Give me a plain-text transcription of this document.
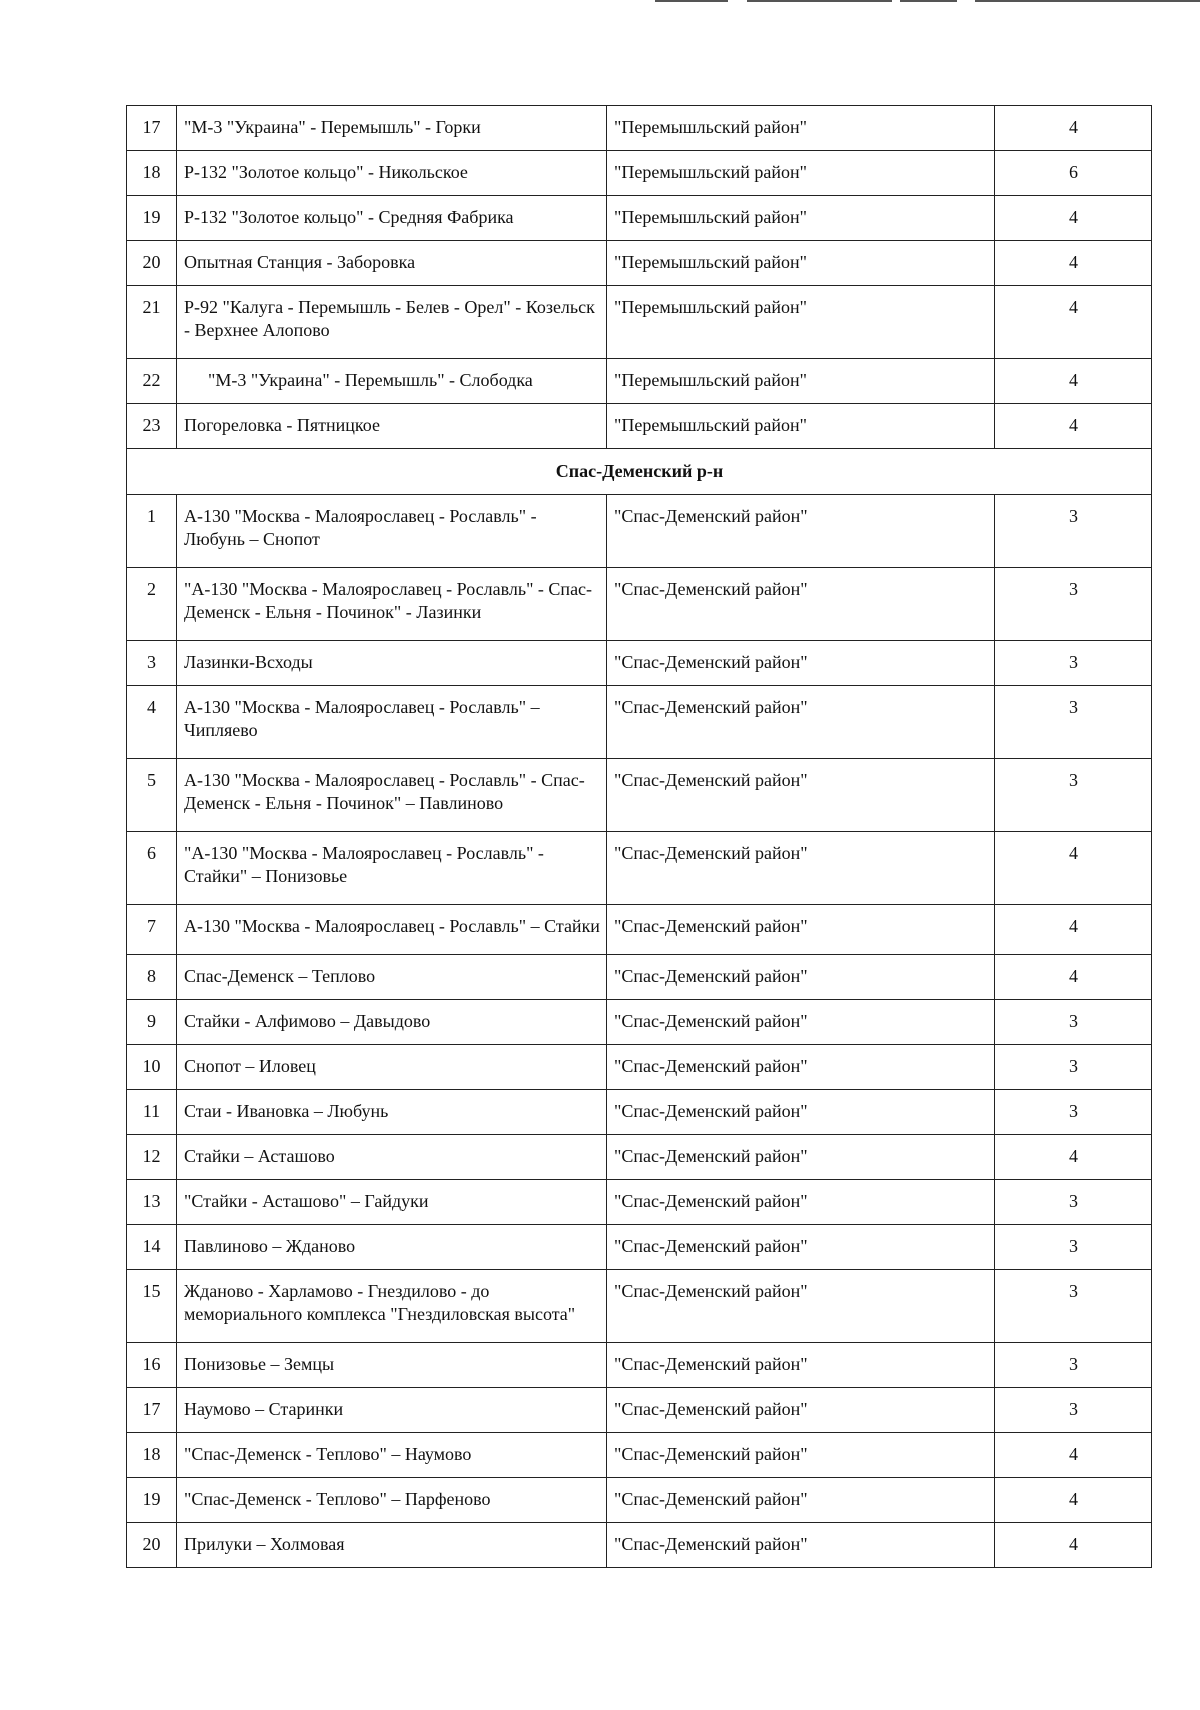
17	"М-3 "Украина" - Перемышль" - Горки	"Перемышльский район"	4
18	Р-132 "Золотое кольцо" - Никольское	"Перемышльский район"	6
19	Р-132 "Золотое кольцо" - Средняя Фабрика	"Перемышльский район"	4
20	Опытная Станция - Заборовка	"Перемышльский район"	4
21	Р-92 "Калуга - Перемышль - Белев - Орел" - Козельск - Верхнее Алопово	"Перемышльский район"	4
22	"М-3 "Украина" - Перемышль" - Слободка	"Перемышльский район"	4
23	Погореловка - Пятницкое	"Перемышльский район"	4
Спас-Деменский р-н			
1	А-130 "Москва - Малоярославец - Рославль" - Любунь – Снопот	"Спас-Деменский район"	3
2	"А-130 "Москва - Малоярославец - Рославль" - Спас-Деменск - Ельня - Починок" - Лазинки	"Спас-Деменский район"	3
3	Лазинки-Всходы	"Спас-Деменский район"	3
4	А-130 "Москва - Малоярославец - Рославль" – Чипляево	"Спас-Деменский район"	3
5	А-130 "Москва - Малоярославец - Рославль" - Спас-Деменск - Ельня - Починок" – Павлиново	"Спас-Деменский район"	3
6	"А-130 "Москва - Малоярославец - Рославль" - Стайки" – Понизовье	"Спас-Деменский район"	4
7	А-130 "Москва - Малоярославец - Рославль" – Стайки	"Спас-Деменский район"	4
8	Спас-Деменск – Теплово	"Спас-Деменский район"	4
9	Стайки - Алфимово – Давыдово	"Спас-Деменский район"	3
10	Снопот – Иловец	"Спас-Деменский район"	3
11	Стаи - Ивановка – Любунь	"Спас-Деменский район"	3
12	Стайки – Асташово	"Спас-Деменский район"	4
13	"Стайки - Асташово" – Гайдуки	"Спас-Деменский район"	3
14	Павлиново – Жданово	"Спас-Деменский район"	3
15	Жданово - Харламово - Гнездилово - до мемориального комплекса "Гнездиловская высота"	"Спас-Деменский район"	3
16	Понизовье – Земцы	"Спас-Деменский район"	3
17	Наумово – Старинки	"Спас-Деменский район"	3
18	"Спас-Деменск - Теплово" – Наумово	"Спас-Деменский район"	4
19	"Спас-Деменск - Теплово" – Парфеново	"Спас-Деменский район"	4
20	Прилуки – Холмовая	"Спас-Деменский район"	4
